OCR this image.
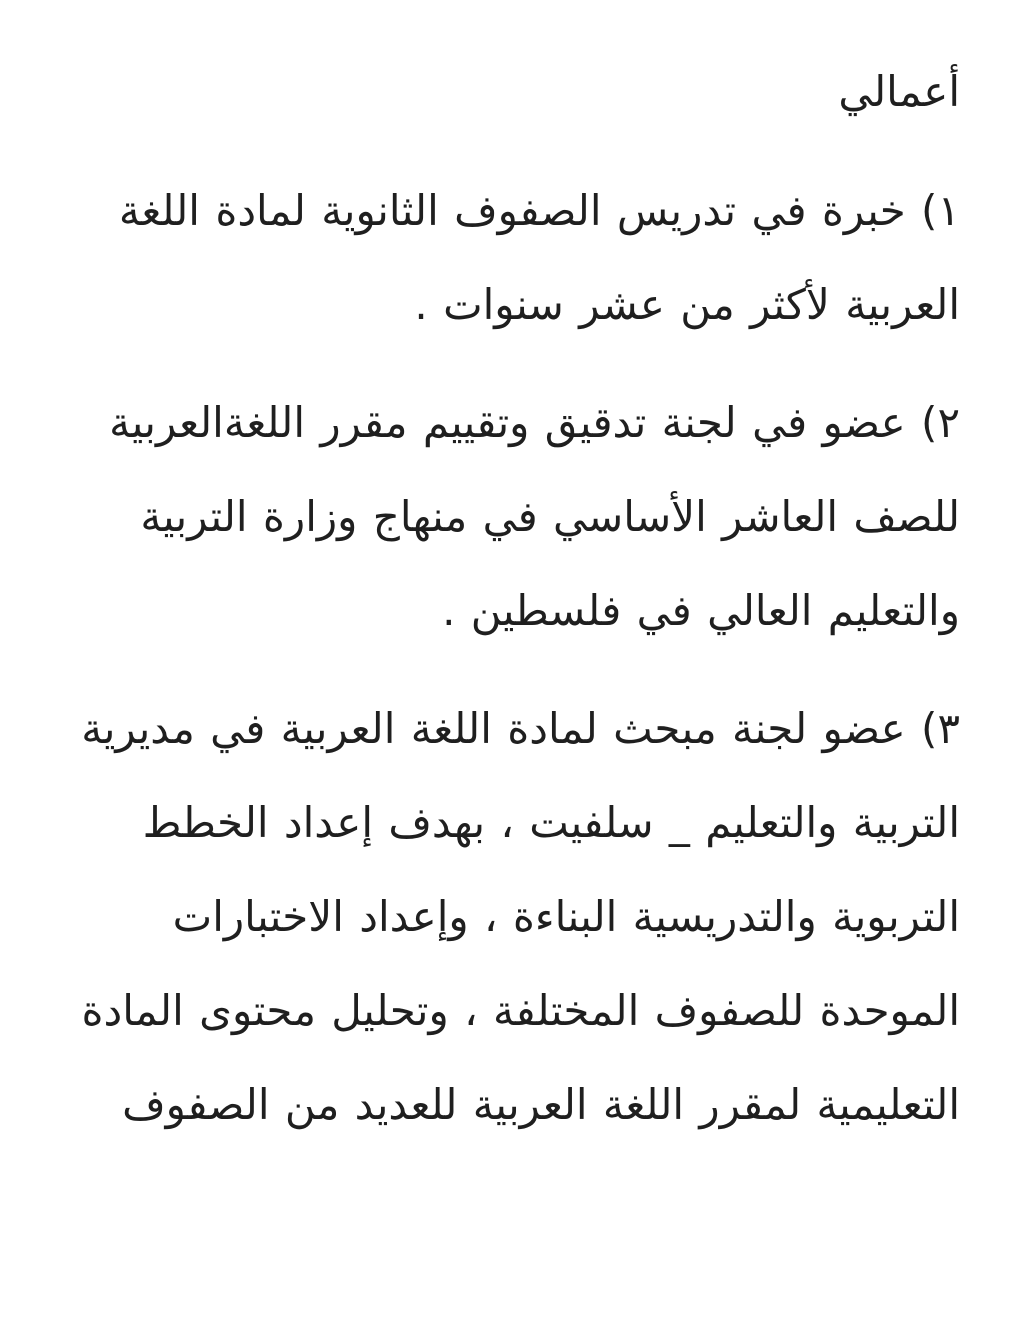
أعمالي

١) خبرة في تدريس الصفوف الثانوية لمادة اللغة العربية لأكثر من عشر سنوات .

٢) عضو في لجنة تدقيق وتقييم مقرر اللغةالعربية للصف العاشر الأساسي في منهاج وزارة التربية والتعليم العالي في فلسطين .

٣) عضو لجنة مبحث لمادة اللغة العربية في مديرية التربية والتعليم _ سلفيت ، بهدف إعداد الخطط التربوية والتدريسية البناءة ، وإعداد الاختبارات الموحدة للصفوف المختلفة ، وتحليل محتوى المادة التعليمية لمقرر اللغة العربية للعديد من الصفوف
